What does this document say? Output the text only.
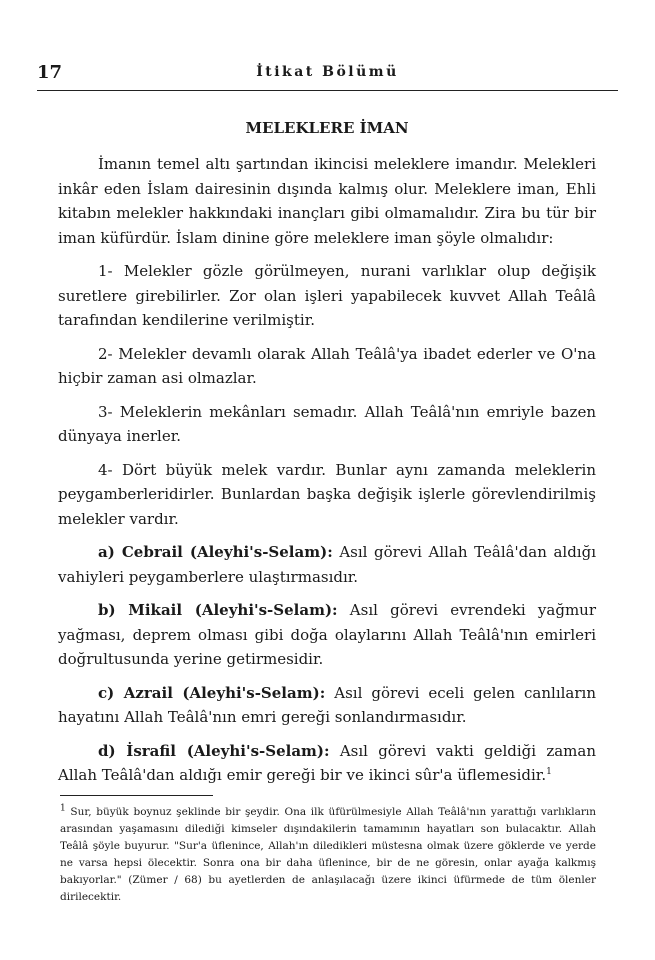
17	İtikat Bölümü
MELEKLERE İMAN

İmanın temel altı şartından ikincisi meleklere imandır. Melekleri inkâr eden İslam dairesinin dışında kalmış olur. Meleklere iman, Ehli kitabın melekler hakkındaki inançları gibi olmamalıdır. Zira bu tür bir iman küfürdür. İslam dinine göre meleklere iman şöyle olmalıdır:

1- Melekler gözle görülmeyen, nurani varlıklar olup değişik suretlere girebilirler. Zor olan işleri yapabilecek kuvvet Allah Teâlâ tarafından kendilerine verilmiştir.

2- Melekler devamlı olarak Allah Teâlâ'ya ibadet ederler ve O'na hiçbir zaman asi olmazlar.

3- Meleklerin mekânları semadır. Allah Teâlâ'nın emriyle bazen dünyaya inerler.

4- Dört büyük melek vardır. Bunlar aynı zamanda meleklerin peygamberleridirler. Bunlardan başka değişik işlerle görevlendirilmiş melekler vardır.

a) Cebrail (Aleyhi's-Selam): Asıl görevi Allah Teâlâ'dan aldığı vahiyleri peygamberlere ulaştırmasıdır.

b) Mikail (Aleyhi's-Selam): Asıl görevi evrendeki yağmur yağması, deprem olması gibi doğa olaylarını Allah Teâlâ'nın emirleri doğrultusunda yerine getirmesidir.

c) Azrail (Aleyhi's-Selam): Asıl görevi eceli gelen canlıların hayatını Allah Teâlâ'nın emri gereği sonlandırmasıdır.

d) İsrafil (Aleyhi's-Selam): Asıl görevi vakti geldiği zaman Allah Teâlâ'dan aldığı emir gereği bir ve ikinci sûr'a üflemesidir.$^1$

$^1$ Sur, büyük boynuz şeklinde bir şeydir. Ona ilk üfürülmesiyle Allah Teâlâ'nın yarattığı varlıkların arasından yaşamasını dilediği kimseler dışındakilerin tamamının hayatları son bulacaktır. Allah Teâlâ şöyle buyurur. "Sur'a üflenince, Allah'ın diledikleri müstesna olmak üzere göklerde ve yerde ne varsa hepsi ölecektir. Sonra ona bir daha üflenince, bir de ne göresin, onlar ayağa kalkmış bakıyorlar." (Zümer / 68) bu ayetlerden de anlaşılacağı üzere ikinci üfürmede de tüm ölenler dirilecektir.
